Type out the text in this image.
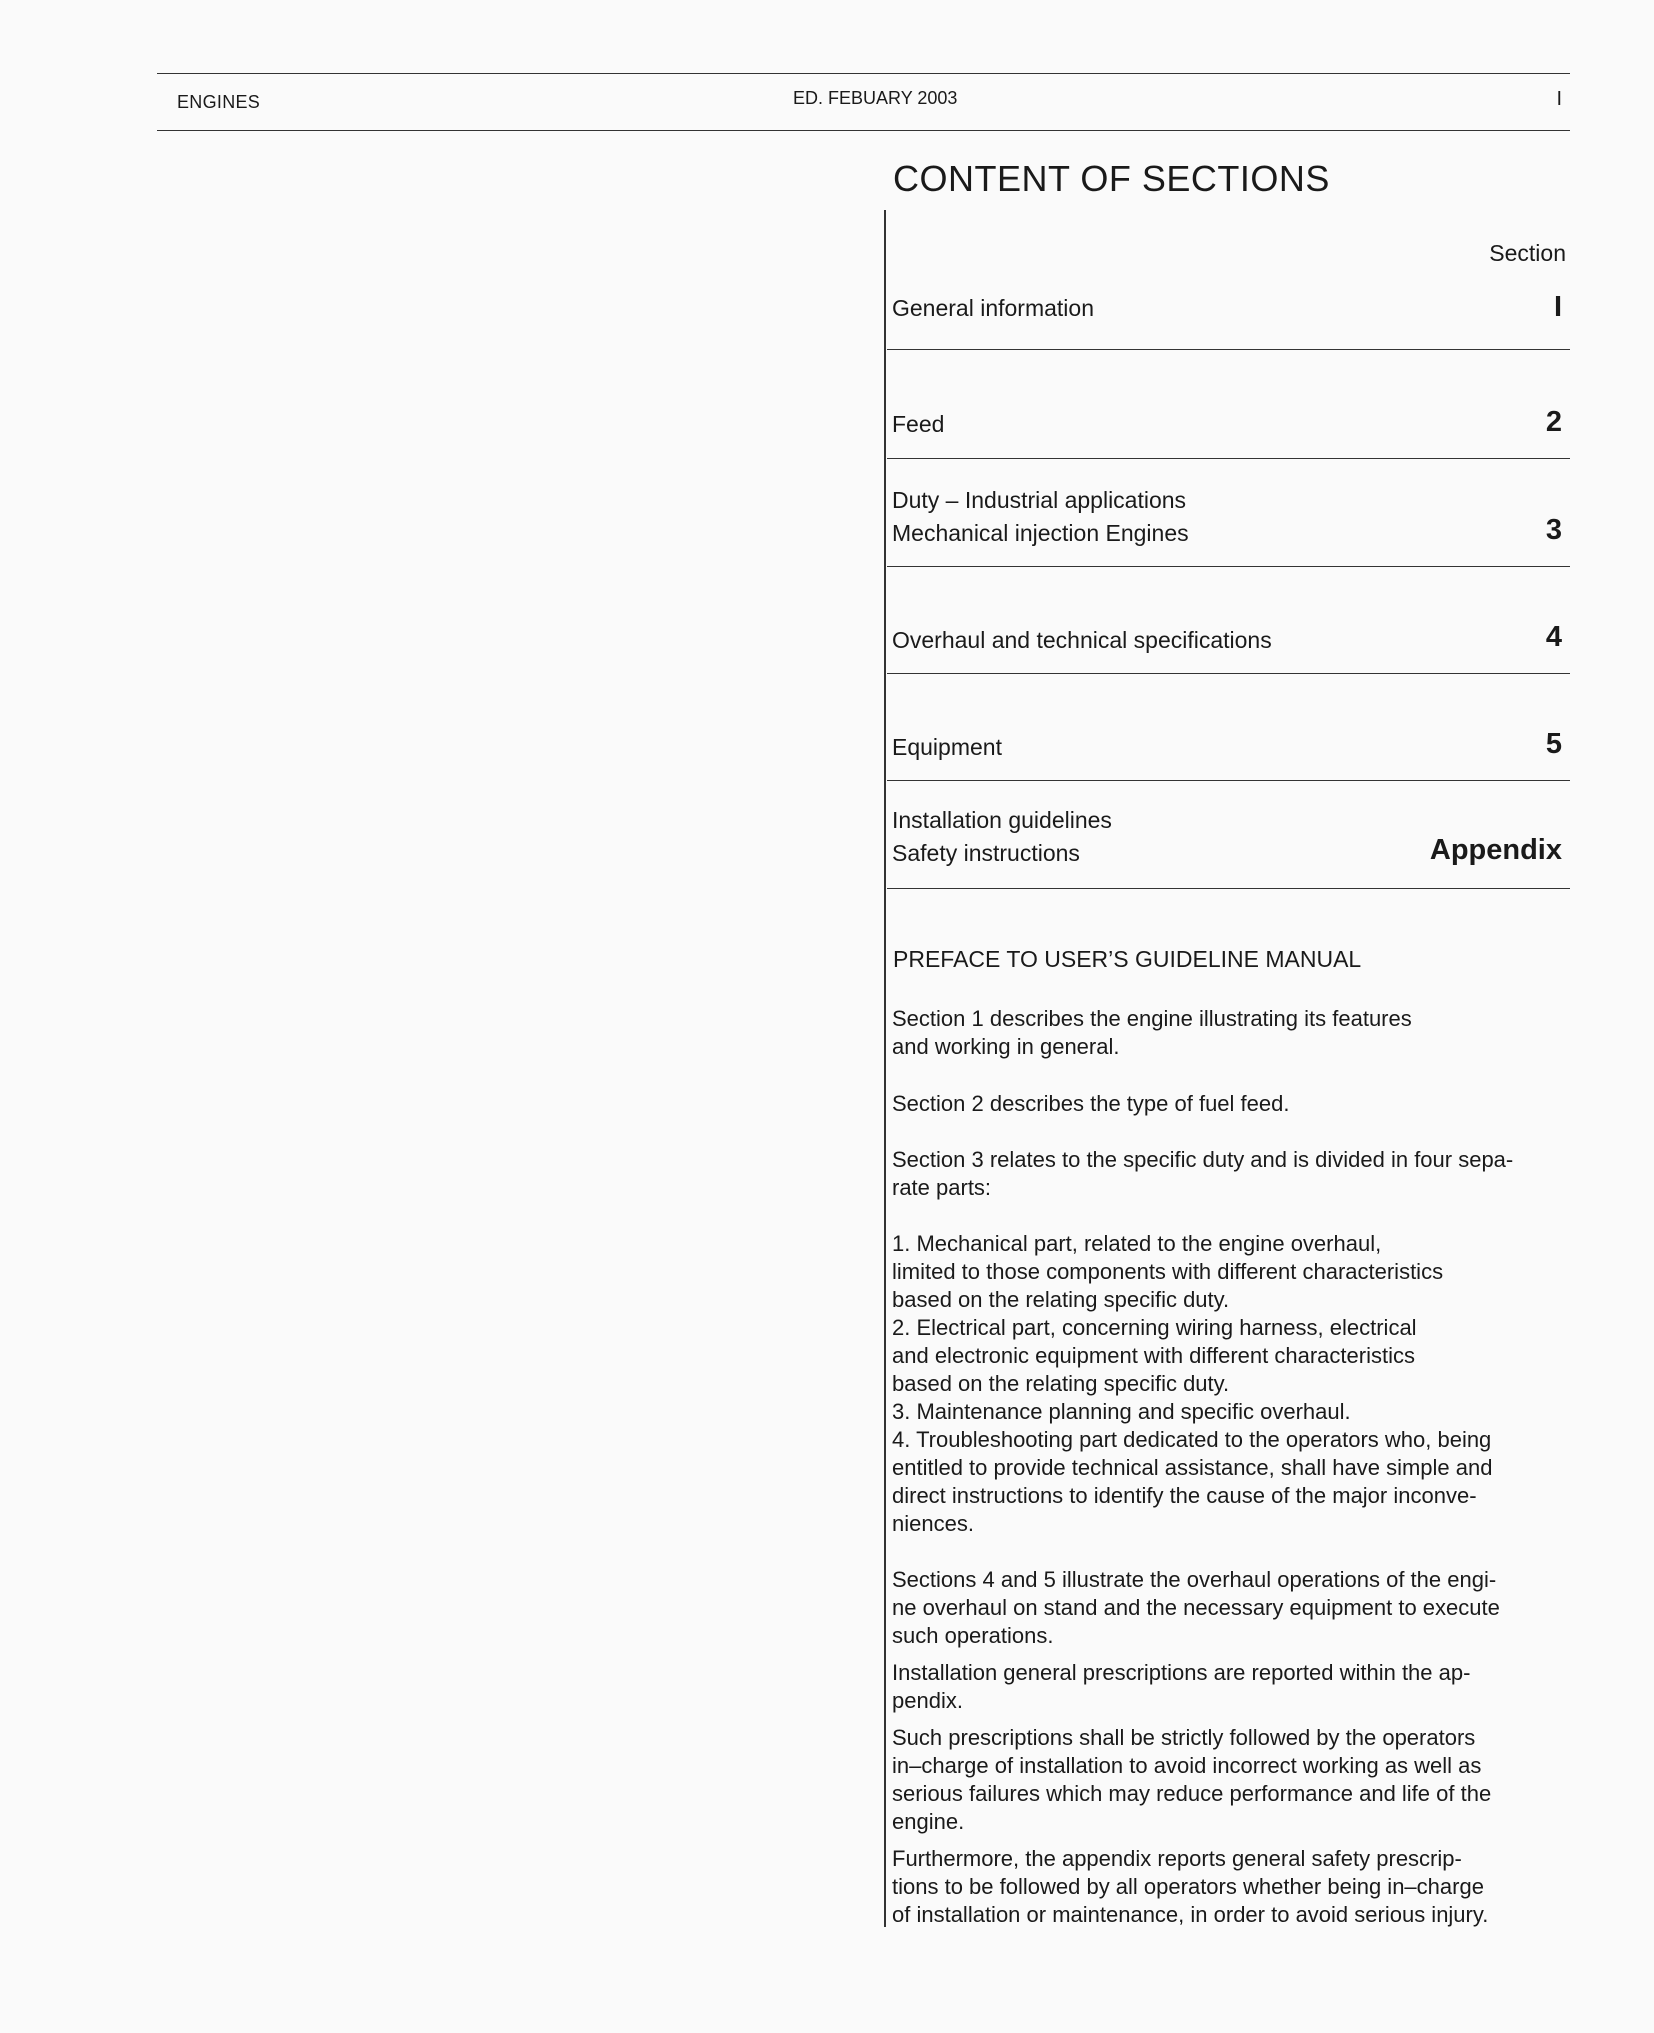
ENGINES	ED. FEBUARY 2003	I
CONTENT OF SECTIONS
Section
General information	I
Feed	2
Duty – Industrial applications
Mechanical injection Engines	3
Overhaul and technical specifications	4
Equipment	5
Installation guidelines
Safety instructions	Appendix
PREFACE TO USER’S GUIDELINE MANUAL
Section 1 describes the engine illustrating its features
and working in general.
Section 2 describes the type of fuel feed.
Section 3 relates to the specific duty and is divided in four sepa-
rate parts:
1. Mechanical part, related to the engine overhaul,
limited to those components with different characteristics
based on the relating specific duty.
2. Electrical part, concerning wiring harness, electrical
and electronic equipment with different characteristics
based on the relating specific duty.
3. Maintenance planning and specific overhaul.
4. Troubleshooting part dedicated to the operators who, being
entitled to provide technical assistance, shall have simple and
direct instructions to identify the cause of the major inconve-
niences.
Sections 4 and 5 illustrate the overhaul operations of the engi-
ne overhaul on stand and the necessary equipment to execute
such operations.
Installation general prescriptions are reported within the ap-
pendix.
Such prescriptions shall be strictly followed by the operators
in–charge of installation to avoid incorrect working as well as
serious failures which may reduce performance and life of the
engine.
Furthermore, the appendix reports general safety prescrip-
tions to be followed by all operators whether being in–charge
of installation or maintenance, in order to avoid serious injury.
